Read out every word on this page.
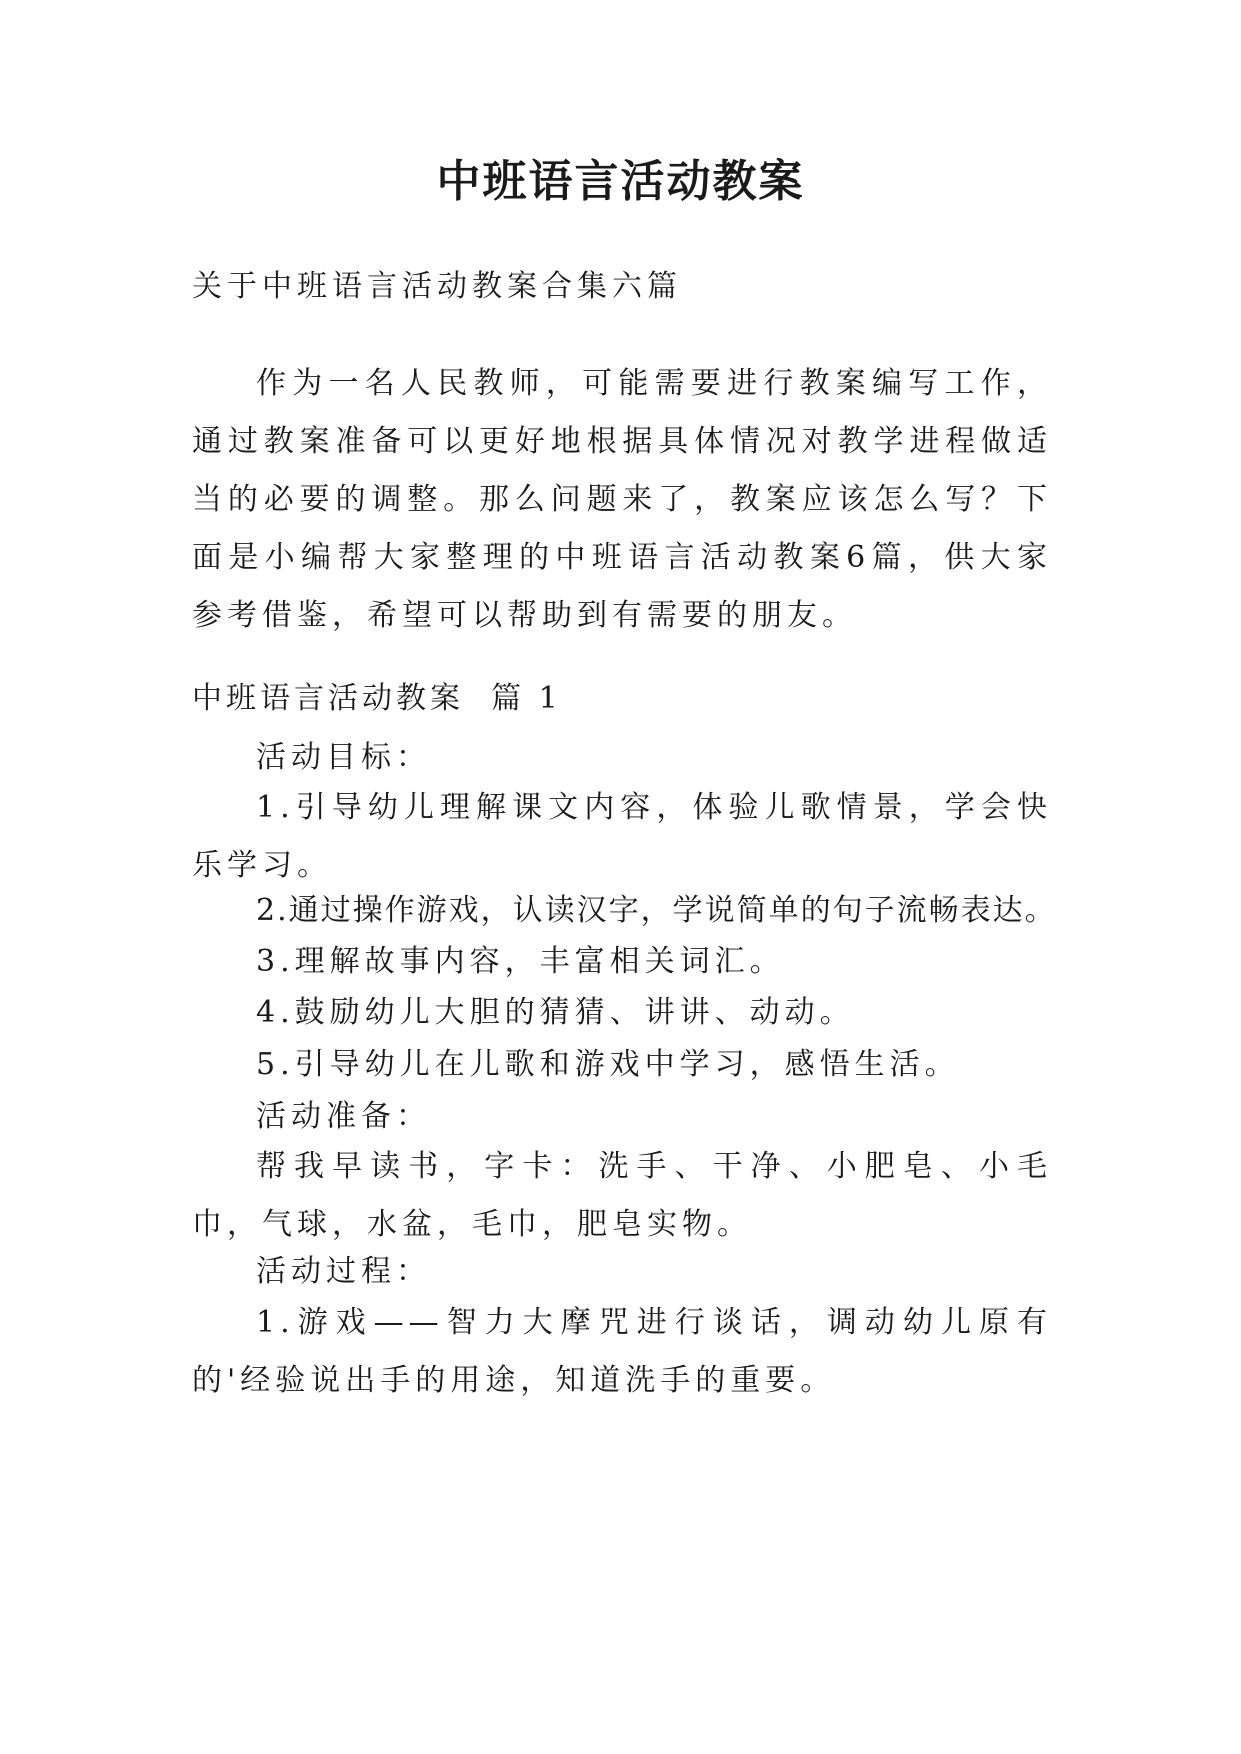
中班语言活动教案

关于中班语言活动教案合集六篇

作为一名人民教师，可能需要进行教案编写工作，通过教案准备可以更好地根据具体情况对教学进程做适当的必要的调整。那么问题来了，教案应该怎么写？下面是小编帮大家整理的中班语言活动教案6篇，供大家参考借鉴，希望可以帮助到有需要的朋友。

中班语言活动教案  篇 1

活动目标：

1.引导幼儿理解课文内容，体验儿歌情景，学会快乐学习。

2.通过操作游戏，认读汉字，学说简单的句子流畅表达。

3.理解故事内容，丰富相关词汇。

4.鼓励幼儿大胆的猜猜、讲讲、动动。

5.引导幼儿在儿歌和游戏中学习，感悟生活。

活动准备：

帮我早读书，字卡：洗手、干净、小肥皂、小毛巾，气球，水盆，毛巾，肥皂实物。

活动过程：

1.游戏——智力大摩咒进行谈话，调动幼儿原有的'经验说出手的用途，知道洗手的重要。
